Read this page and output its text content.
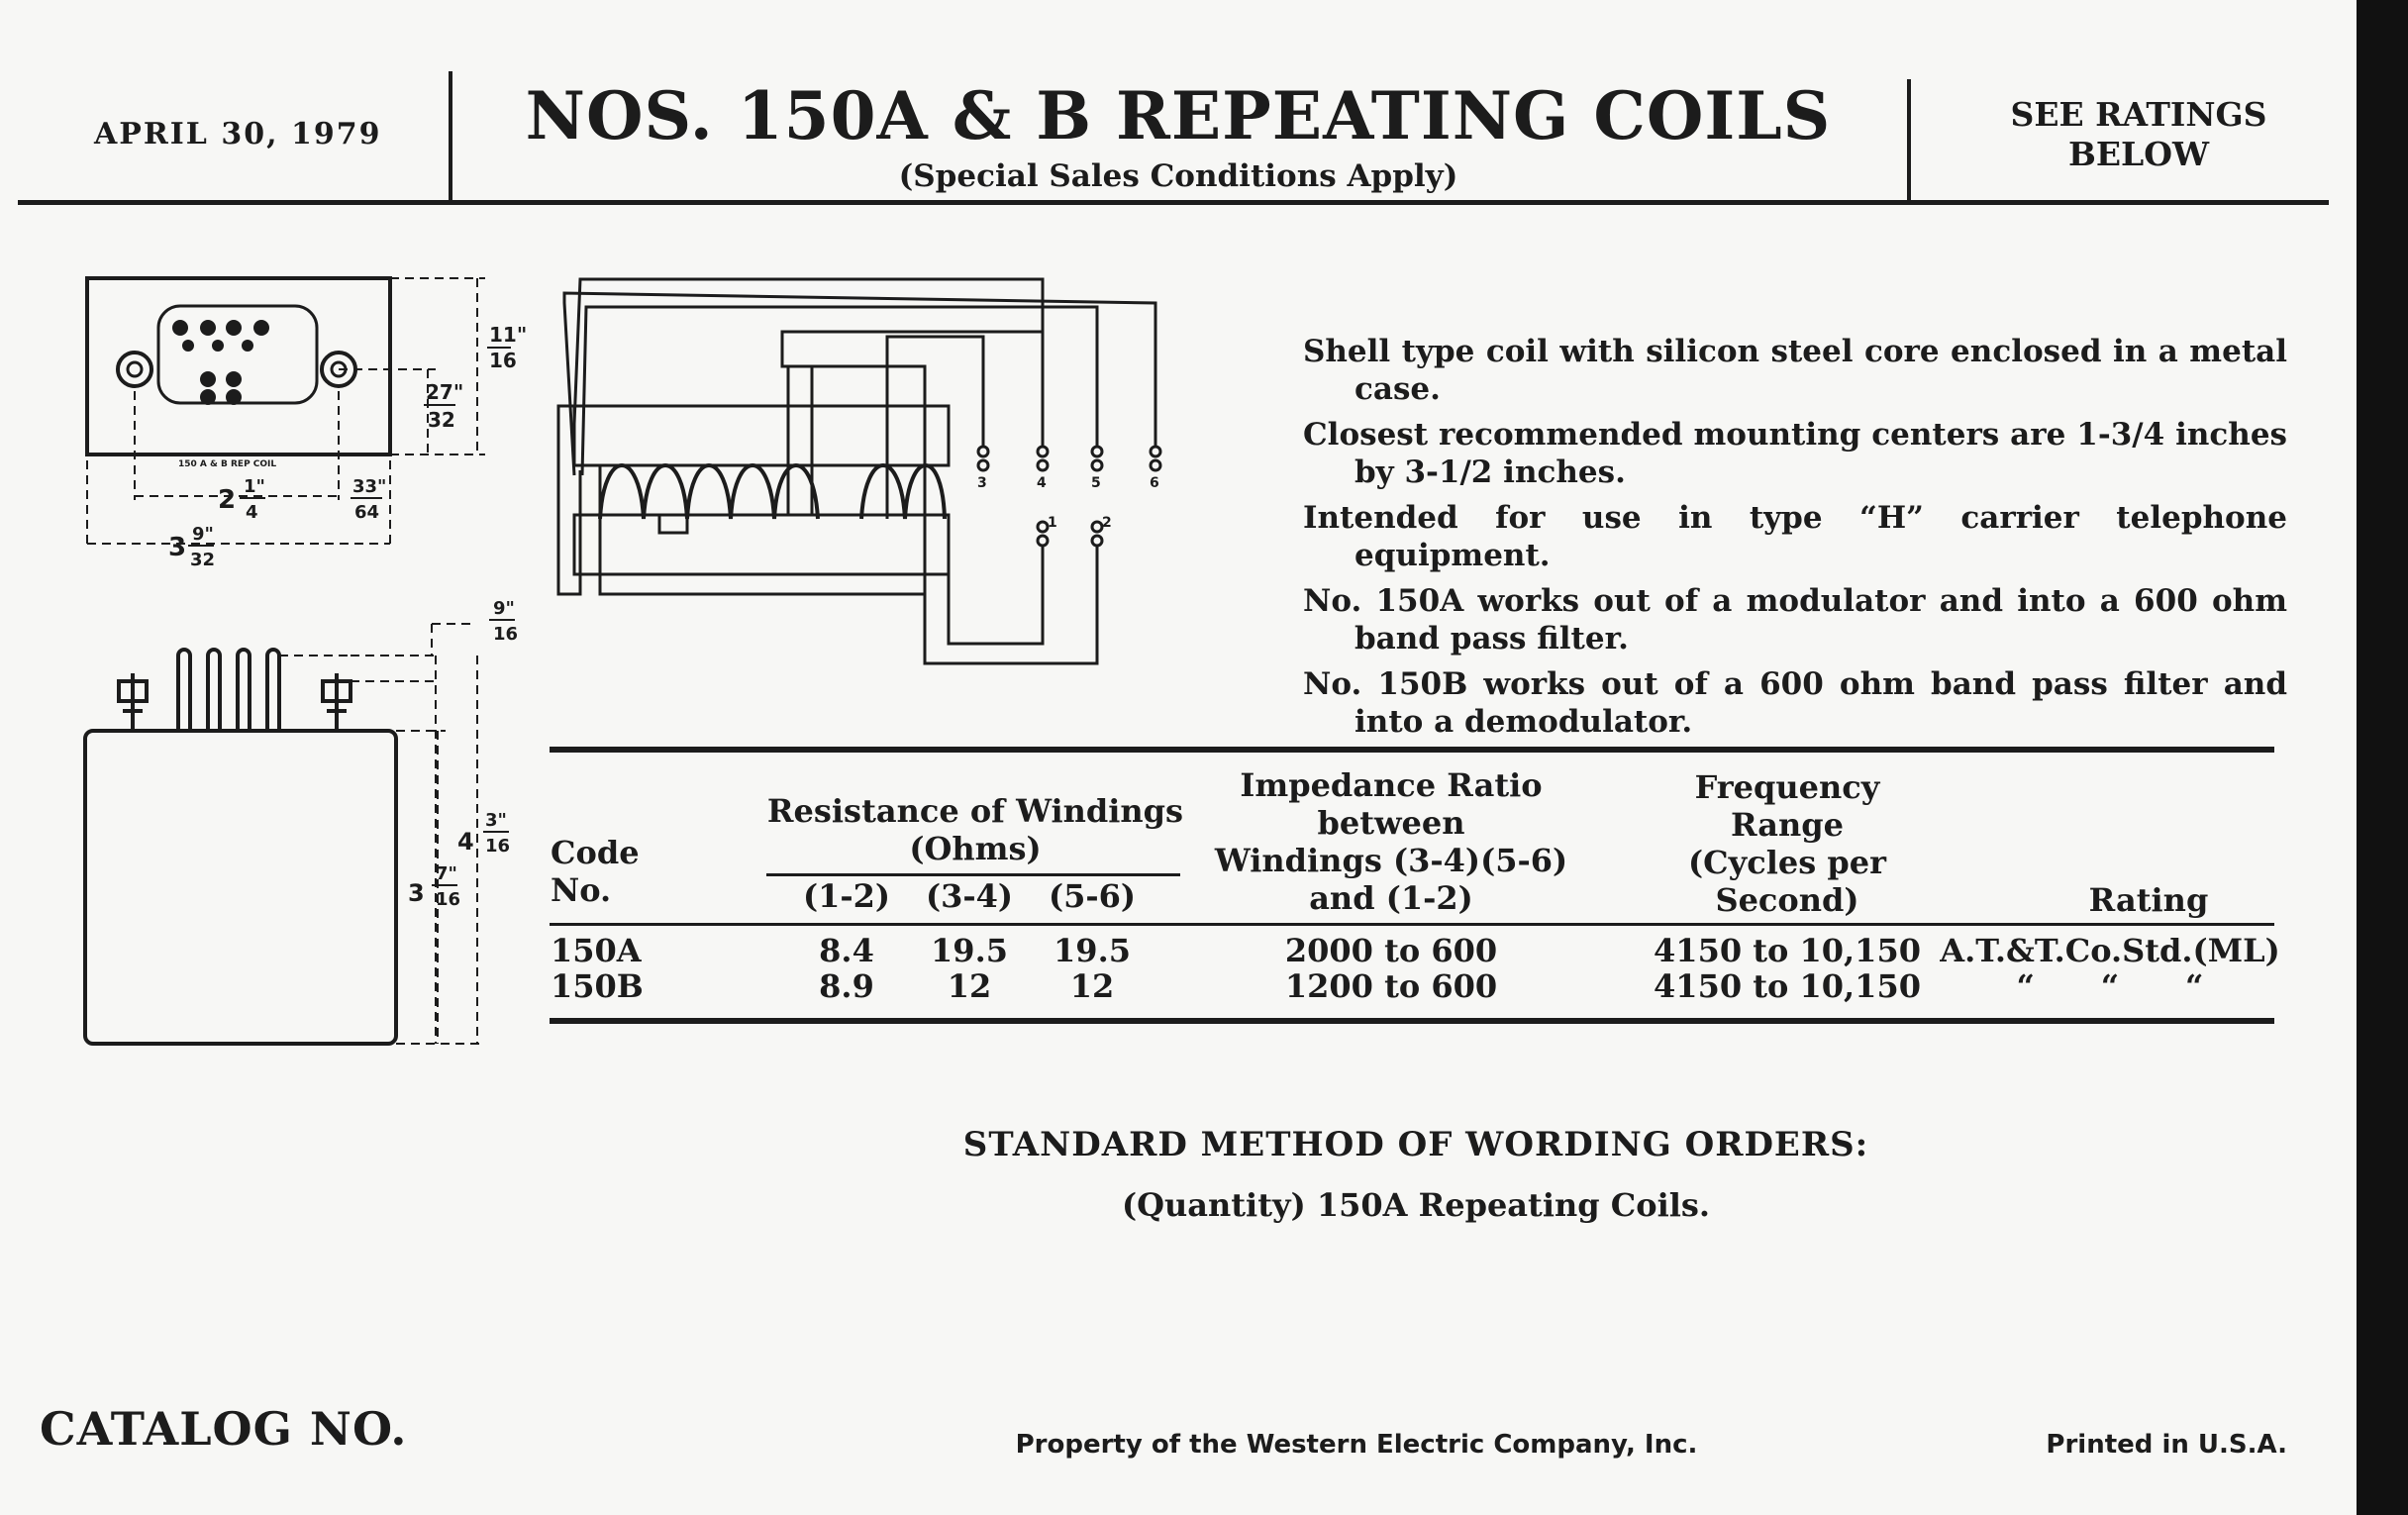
APRIL 30, 1979	NOS. 150A & B REPEATING COILS
(Special Sales Conditions Apply)
SEE RATINGS
BELOW
150 A & B REP COIL
11"
16
27"
32
2 1"
4
33"
64
3 9"
32
9"
16
4
3"
16
3
7"
16
3	4	5	6
1	2

Shell type coil with silicon steel core enclosed in a metal case.

Closest recommended mounting centers are 1-3/4 inches by 3-1/2 inches.

Intended for use in type “H” carrier telephone equipment.

No. 150A works out of a modulator and into a 600 ohm band pass filter.

No. 150B works out of a 600 ohm band pass filter and into a demodulator.

Code
No.
Resistance of Windings
(Ohms)
(1-2)	(3-4)	(5-6)
Impedance Ratio
between
Windings (3-4)(5-6)
and (1-2)
Frequency
Range
(Cycles per
Second)	Rating
150A	8.4	19.5	19.5	2000 to 600	4150 to 10,150 A.T.&T.Co.Std.(ML)
150B	8.9	12	12	1200 to 600	4150 to 10,150	“      “      “
STANDARD METHOD OF WORDING ORDERS:
(Quantity) 150A Repeating Coils.
CATALOG NO.	Property of the Western Electric Company, Inc.	Printed in U.S.A.
